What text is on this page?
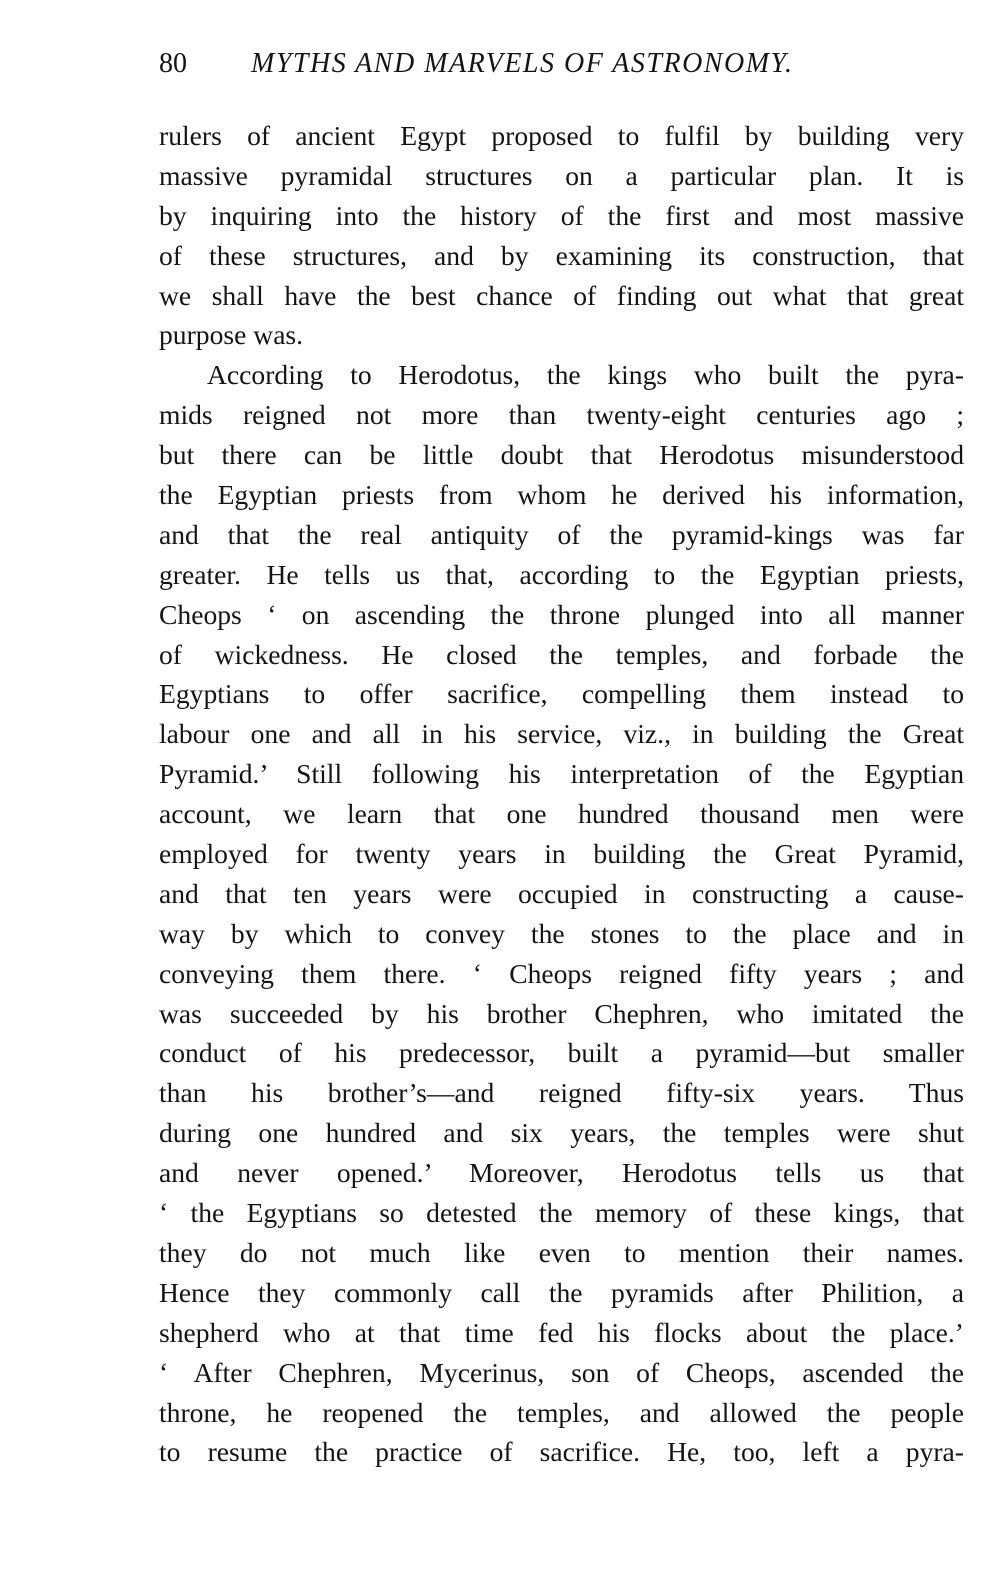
80 MYTHS AND MARVELS OF ASTRONOMY.
rulers of ancient Egypt proposed to fulfil by building very
massive pyramidal structures on a particular plan. It is
by inquiring into the history of the first and most massive
of these structures, and by examining its construction, that
we shall have the best chance of finding out what that great
purpose was.
According to Herodotus, the kings who built the pyra-
mids reigned not more than twenty-eight centuries ago ;
but there can be little doubt that Herodotus misunderstood
the Egyptian priests from whom he derived his information,
and that the real antiquity of the pyramid-kings was far
greater. He tells us that, according to the Egyptian priests,
Cheops ‘ on ascending the throne plunged into all manner
of wickedness. He closed the temples, and forbade the
Egyptians to offer sacrifice, compelling them instead to
labour one and all in his service, viz., in building the Great
Pyramid.’ Still following his interpretation of the Egyptian
account, we learn that one hundred thousand men were
employed for twenty years in building the Great Pyramid,
and that ten years were occupied in constructing a cause-
way by which to convey the stones to the place and in
conveying them there. ‘ Cheops reigned fifty years ; and
was succeeded by his brother Chephren, who imitated the
conduct of his predecessor, built a pyramid—but smaller
than his brother’s—and reigned fifty-six years. Thus
during one hundred and six years, the temples were shut
and never opened.’ Moreover, Herodotus tells us that
‘ the Egyptians so detested the memory of these kings, that
they do not much like even to mention their names.
Hence they commonly call the pyramids after Philition, a
shepherd who at that time fed his flocks about the place.’
‘ After Chephren, Mycerinus, son of Cheops, ascended the
throne, he reopened the temples, and allowed the people
to resume the practice of sacrifice. He, too, left a pyra-
